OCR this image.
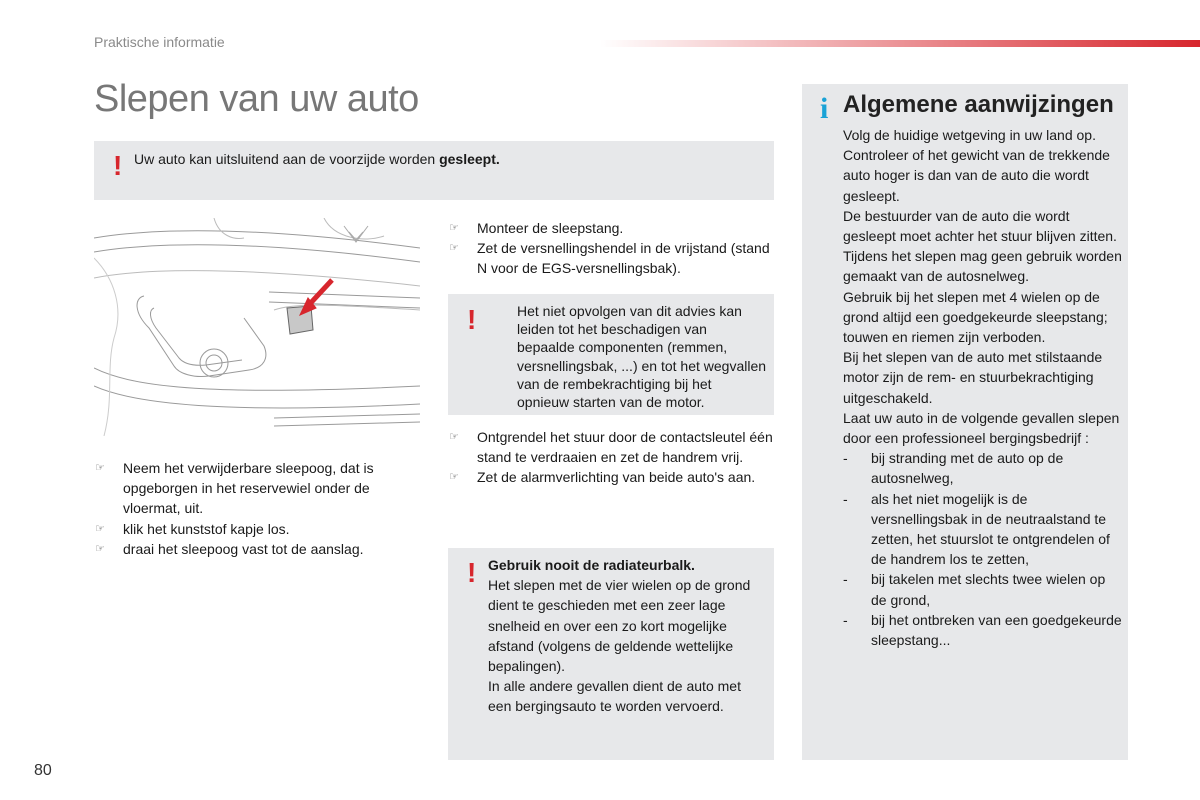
Praktische informatie
Slepen van uw auto
! Uw auto kan uitsluitend aan de voorzijde worden gesleept.
☞ Neem het verwijderbare sleepoog, dat is opgeborgen in het reservewiel onder de vloermat, uit.
☞ klik het kunststof kapje los.
☞ draai het sleepoog vast tot de aanslag.
☞ Monteer de sleepstang.
☞ Zet de versnellingshendel in de vrijstand (stand N voor de EGS-versnellingsbak).
!	Het niet opvolgen van dit advies kan leiden tot het beschadigen van bepaalde componenten (remmen, versnellingsbak, ...) en tot het wegvallen van de rembekrachtiging bij het opnieuw starten van de motor.
☞ Ontgrendel het stuur door de contactsleutel één stand te verdraaien en zet de handrem vrij.
☞ Zet de alarmverlichting van beide auto's aan.
! Gebruik nooit de radiateurbalk.
Het slepen met de vier wielen op de grond dient te geschieden met een zeer lage snelheid en over een zo kort mogelijke afstand (volgens de geldende wettelijke bepalingen).
In alle andere gevallen dient de auto met een bergingsauto te worden vervoerd.
i Algemene aanwijzingen
Volg de huidige wetgeving in uw land op.
Controleer of het gewicht van de trekkende auto hoger is dan van de auto die wordt gesleept.
De bestuurder van de auto die wordt gesleept moet achter het stuur blijven zitten.
Tijdens het slepen mag geen gebruik worden gemaakt van de autosnelweg.
Gebruik bij het slepen met 4 wielen op de grond altijd een goedgekeurde sleepstang; touwen en riemen zijn verboden.
Bij het slepen van de auto met stilstaande motor zijn de rem- en stuurbekrachtiging uitgeschakeld.
Laat uw auto in de volgende gevallen slepen door een professioneel bergingsbedrijf :
- bij stranding met de auto op de autosnelweg,
- als het niet mogelijk is de versnellingsbak in de neutraalstand te zetten, het stuurslot te ontgrendelen of de handrem los te zetten,
- bij takelen met slechts twee wielen op de grond,
- bij het ontbreken van een goedgekeurde sleepstang...
80
